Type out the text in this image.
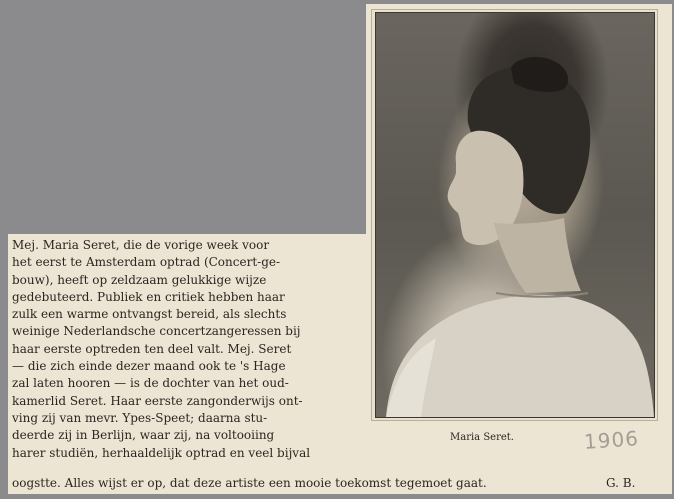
Maria Seret.	1906

Mej. Maria Seret, die de vorige week voor
het eerst te Amsterdam optrad (Concert-ge-
bouw), heeft op zeldzaam gelukkige wijze
gedebuteerd. Publiek en critiek hebben haar
zulk een warme ontvangst bereid, als slechts
weinige Nederlandsche concertzangeressen bij
haar eerste optreden ten deel valt. Mej. Seret
— die zich einde dezer maand ook te 's Hage
zal laten hooren — is de dochter van het oud-
kamerlid Seret. Haar eerste zangonderwijs ont-
ving zij van mevr. Ypes-Speet; daarna stu-
deerde zij in Berlijn, waar zij, na voltooiing
harer studiën, herhaaldelijk optrad en veel bijval

oogstte. Alles wijst er op, dat deze artiste een mooie toekomst tegemoet gaat.	G. B.
